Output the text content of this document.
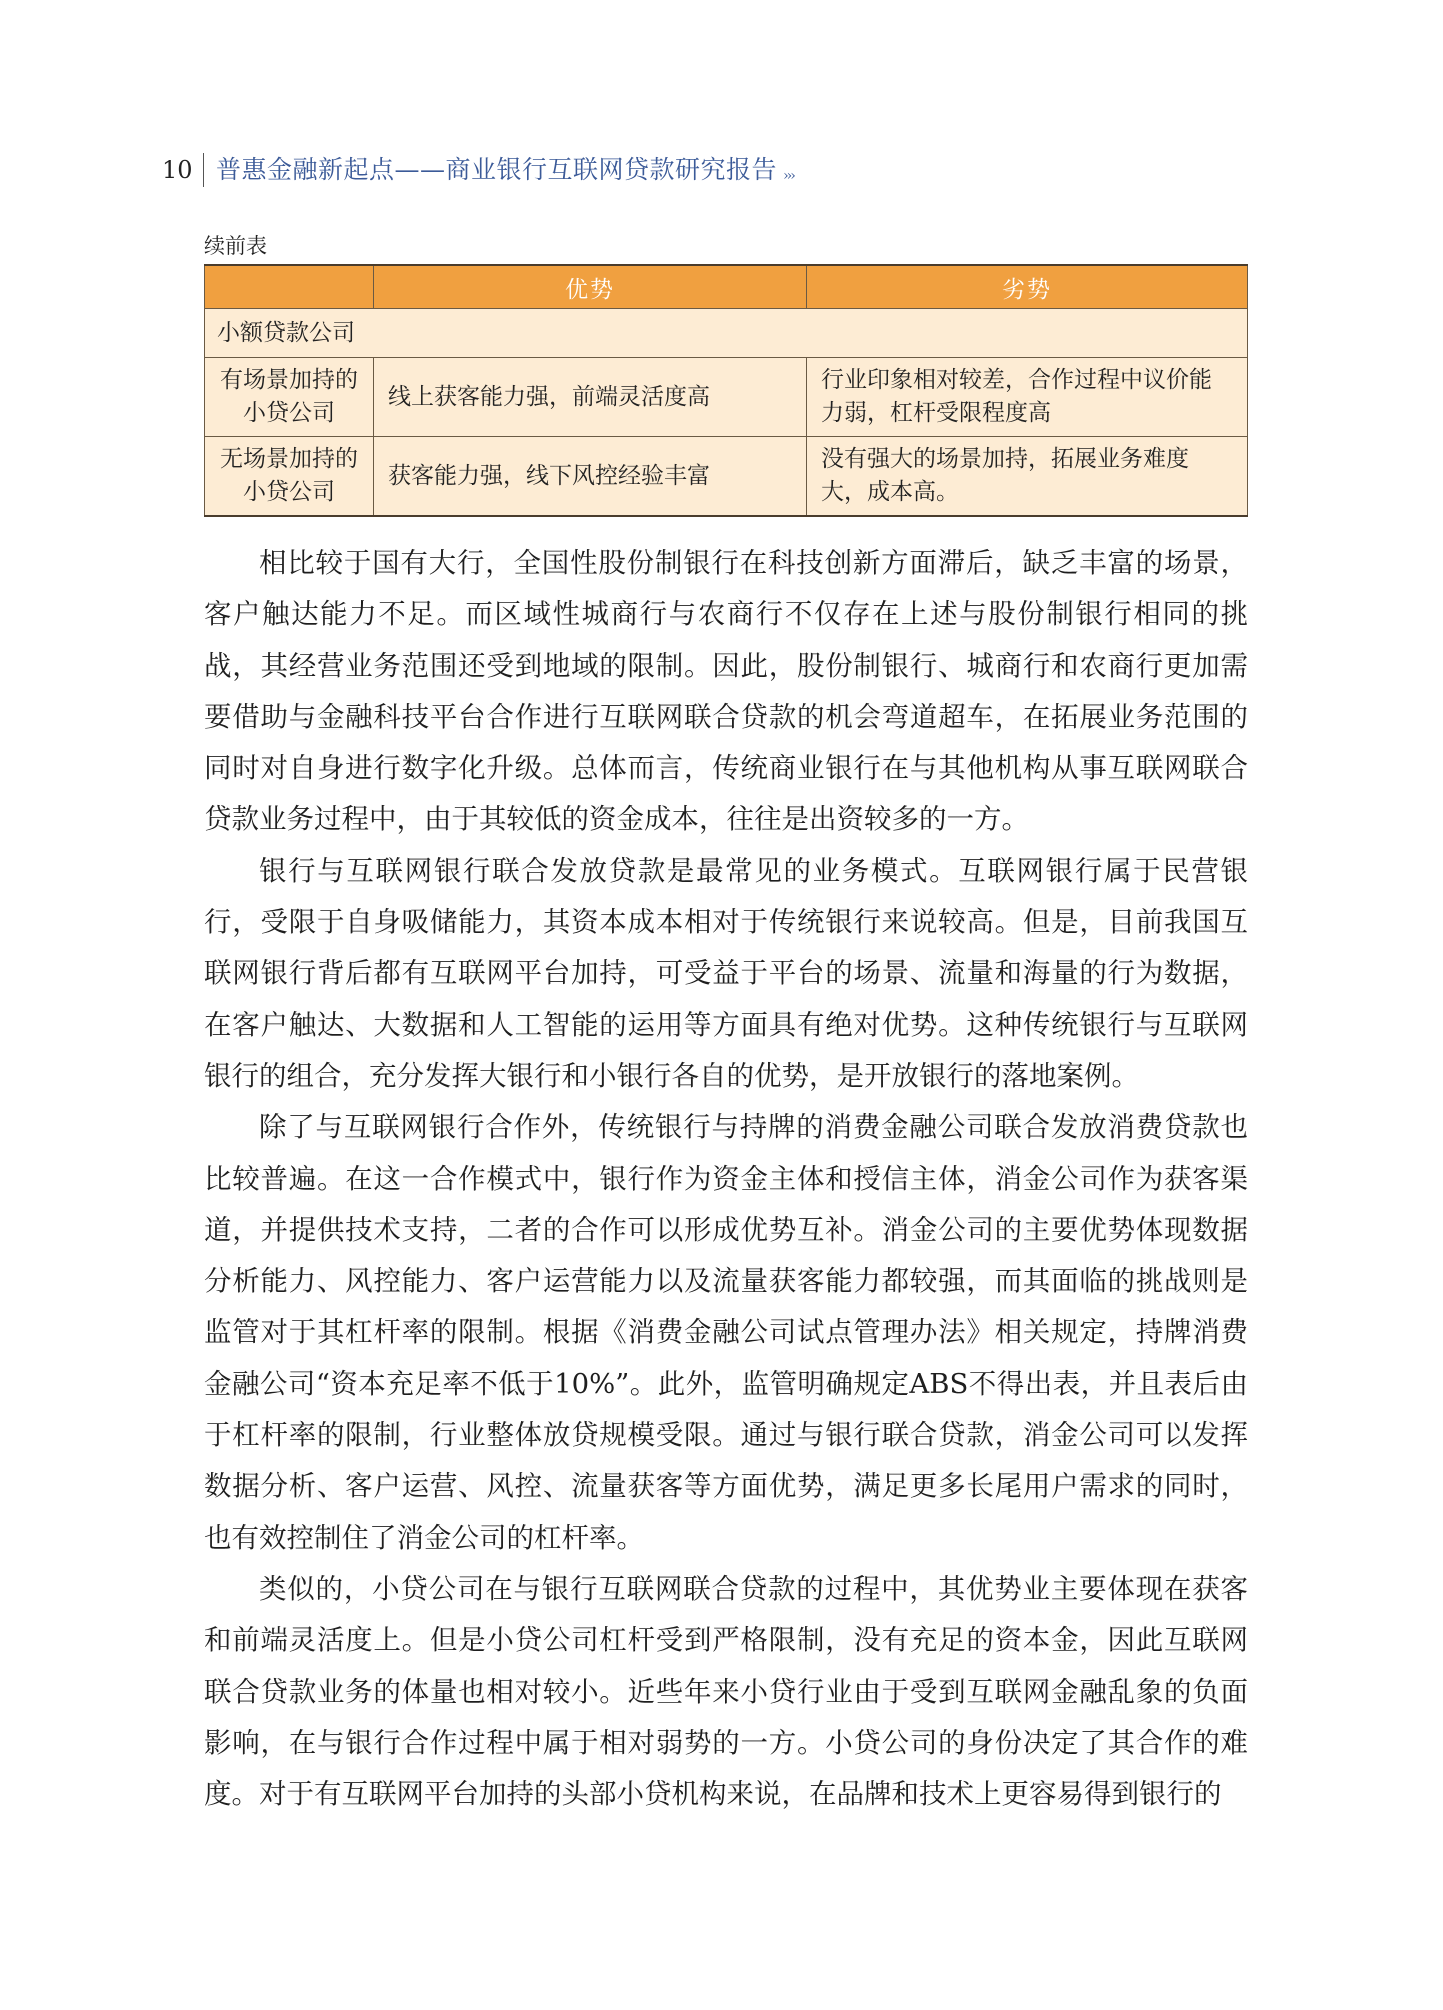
10 普惠金融新起点——商业银行互联网贷款研究报告 ›››
续前表
	优势	劣势
小额贷款公司		
有场景加持的小贷公司	线上获客能力强，前端灵活度高	行业印象相对较差，合作过程中议价能力弱，杠杆受限程度高
无场景加持的小贷公司	获客能力强，线下风控经验丰富	没有强大的场景加持，拓展业务难度大，成本高。

相比较于国有大行，全国性股份制银行在科技创新方面滞后，缺乏丰富的场景，客户触达能力不足。而区域性城商行与农商行不仅存在上述与股份制银行相同的挑战，其经营业务范围还受到地域的限制。因此，股份制银行、城商行和农商行更加需要借助与金融科技平台合作进行互联网联合贷款的机会弯道超车，在拓展业务范围的同时对自身进行数字化升级。总体而言，传统商业银行在与其他机构从事互联网联合贷款业务过程中，由于其较低的资金成本，往往是出资较多的一方。

银行与互联网银行联合发放贷款是最常见的业务模式。互联网银行属于民营银行，受限于自身吸储能力，其资本成本相对于传统银行来说较高。但是，目前我国互联网银行背后都有互联网平台加持，可受益于平台的场景、流量和海量的行为数据，在客户触达、大数据和人工智能的运用等方面具有绝对优势。这种传统银行与互联网银行的组合，充分发挥大银行和小银行各自的优势，是开放银行的落地案例。

除了与互联网银行合作外，传统银行与持牌的消费金融公司联合发放消费贷款也比较普遍。在这一合作模式中，银行作为资金主体和授信主体，消金公司作为获客渠道，并提供技术支持，二者的合作可以形成优势互补。消金公司的主要优势体现数据分析能力、风控能力、客户运营能力以及流量获客能力都较强，而其面临的挑战则是监管对于其杠杆率的限制。根据《消费金融公司试点管理办法》相关规定，持牌消费金融公司“资本充足率不低于10%”。此外，监管明确规定ABS不得出表，并且表后由于杠杆率的限制，行业整体放贷规模受限。通过与银行联合贷款，消金公司可以发挥数据分析、客户运营、风控、流量获客等方面优势，满足更多长尾用户需求的同时，也有效控制住了消金公司的杠杆率。

类似的，小贷公司在与银行互联网联合贷款的过程中，其优势业主要体现在获客和前端灵活度上。但是小贷公司杠杆受到严格限制，没有充足的资本金，因此互联网联合贷款业务的体量也相对较小。近些年来小贷行业由于受到互联网金融乱象的负面影响，在与银行合作过程中属于相对弱势的一方。小贷公司的身份决定了其合作的难度。对于有互联网平台加持的头部小贷机构来说，在品牌和技术上更容易得到银行的
